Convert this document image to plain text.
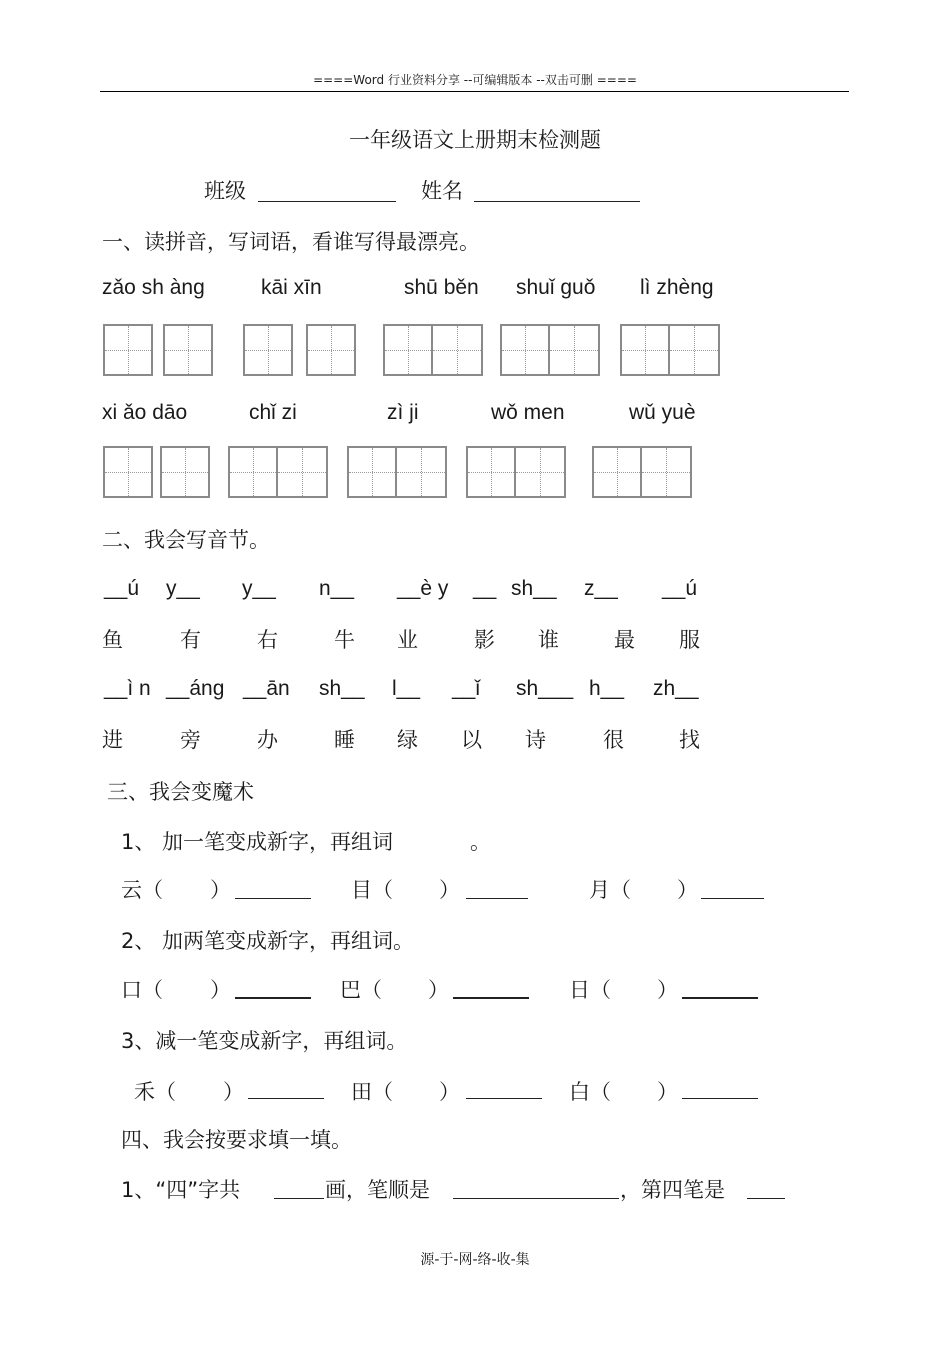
====Word 行业资料分享 --可编辑版本 --双击可删 ====
一年级语文上册期末检测题
班级	姓名
一、读拼音，写词语，看谁写得最漂亮。
zǎo sh àng	kāi xīn	shū běn shuǐ guǒ lì zhèng
xi ǎo dāo	chǐ zi	zì ji	wǒ men	wǔ yuè
二、我会写音节。
__ú y__ y__ n__ __è y __ sh__ z__ __ú
鱼	有	右	牛 业	影 谁	最 服
__ì n __áng __ān sh__ l__ __ǐ sh___ h__ zh__
进	旁	办	睡 绿 以 诗	很	找
三、我会变魔术
1、 加一笔变成新字，再组词	。
云（ ）	目（ ）	月（ ）
2、 加两笔变成新字，再组词。
口（ ）	巴（ ）	日（ ）
3、减一笔变成新字，再组词。
禾（ ）	田（ ）	白（ ）
四、我会按要求填一填。
1、“四”字共	画，笔顺是	，第四笔是
源-于-网-络-收-集
